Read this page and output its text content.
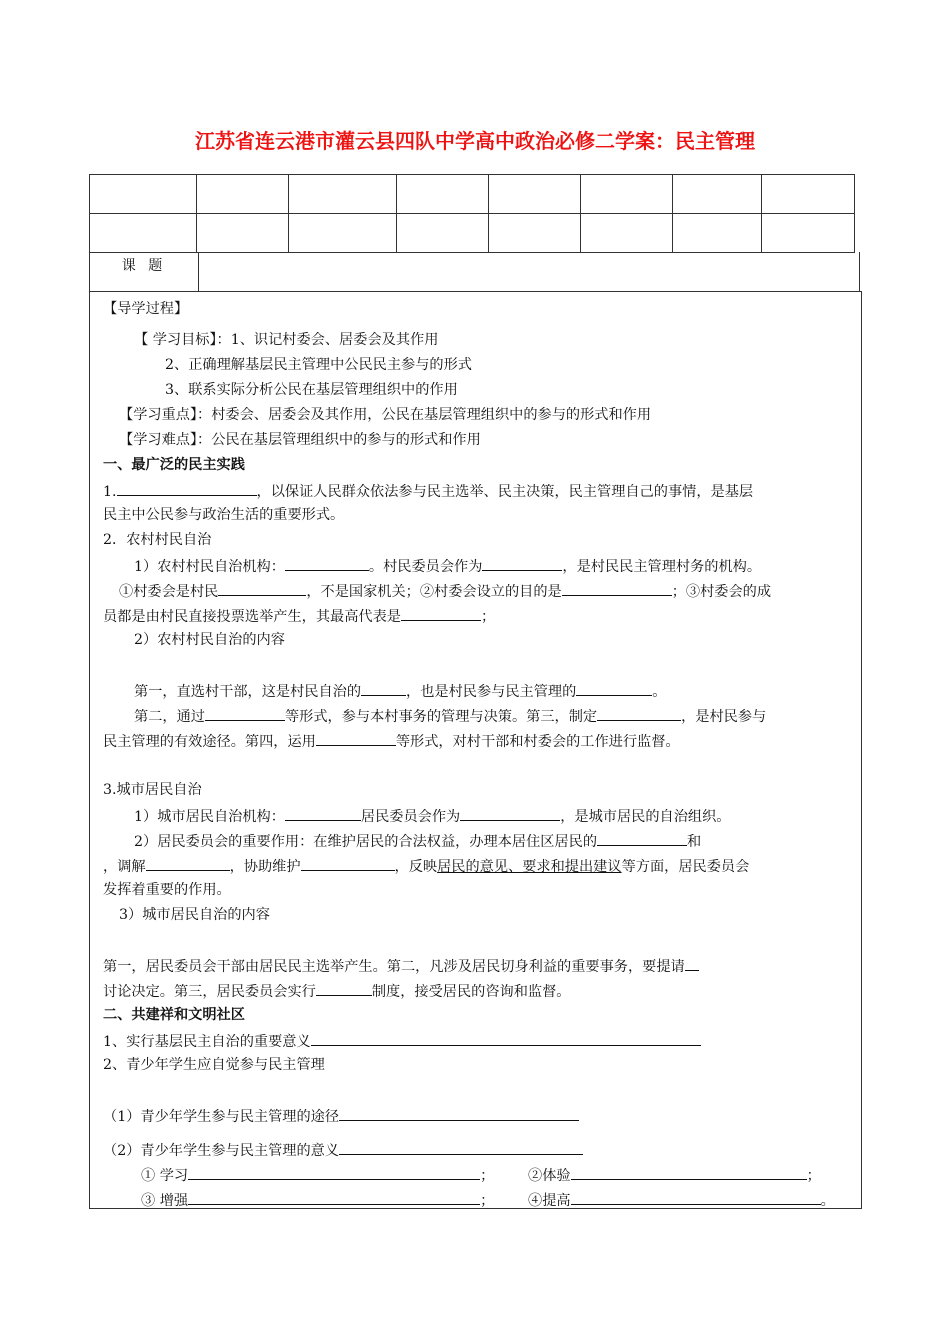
江苏省连云港市灌云县四队中学高中政治必修二学案：民主管理

课 题
【导学过程】
【 学习目标】：1、识记村委会、居委会及其作用
2、正确理解基层民主管理中公民民主参与的形式
3、联系实际分析公民在基层管理组织中的作用
【学习重点】：村委会、居委会及其作用，公民在基层管理组织中的参与的形式和作用
【学习难点】：公民在基层管理组织中的参与的形式和作用
一、最广泛的民主实践
1.	，以保证人民群众依法参与民主选举、民主决策，民主管理自己的事情，是基层
民主中公民参与政治生活的重要形式。
2．农村村民自治
1）农村村民自治机构：	。村民委员会作为	，是村民民主管理村务的机构。
①村委会是村民	，不是国家机关；②村委会设立的目的是	；③村委会的成
员都是由村民直接投票选举产生，其最高代表是	；
2）农村村民自治的内容
第一，直选村干部，这是村民自治的	，也是村民参与民主管理的	。
第二，通过	等形式，参与本村事务的管理与决策。第三，制定	，是村民参与
民主管理的有效途径。第四，运用	等形式，对村干部和村委会的工作进行监督。
3.城市居民自治
1）城市居民自治机构：	居民委员会作为	，是城市居民的自治组织。
2）居民委员会的重要作用：在维护居民的合法权益，办理本居住区居民的	和
，调解	，协助维护	，反映居民的意见、要求和提出建议等方面，居民委员会
发挥着重要的作用。
3）城市居民自治的内容
第一，居民委员会干部由居民民主选举产生。第二，凡涉及居民切身利益的重要事务，要提请
讨论决定。第三，居民委员会实行	制度，接受居民的咨询和监督。
二、共建祥和文明社区
1、实行基层民主自治的重要意义
2、青少年学生应自觉参与民主管理
（1）青少年学生参与民主管理的途径
（2）青少年学生参与民主管理的意义
① 学习	； ②体验	；
③ 增强	； ④提高	。
